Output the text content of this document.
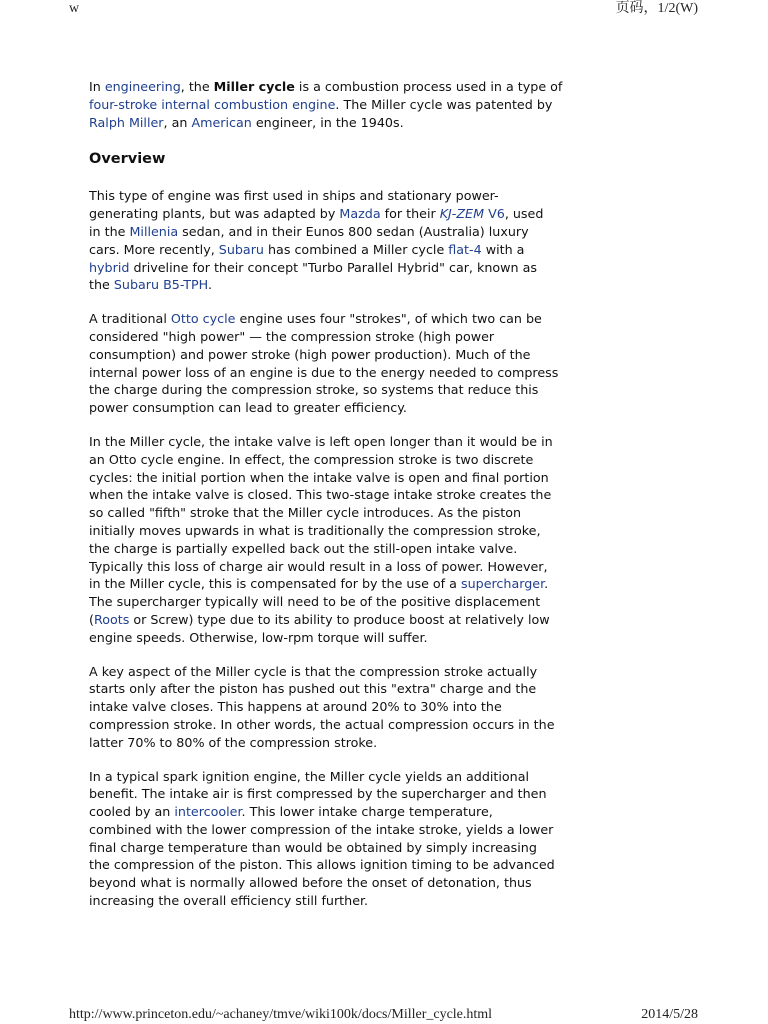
w	页码，1/2(W)

In engineering, the Miller cycle is a combustion process used in a type of
four-stroke internal combustion engine. The Miller cycle was patented by
Ralph Miller, an American engineer, in the 1940s.

Overview

This type of engine was first used in ships and stationary power-
generating plants, but was adapted by Mazda for their KJ-ZEM V6, used
in the Millenia sedan, and in their Eunos 800 sedan (Australia) luxury
cars. More recently, Subaru has combined a Miller cycle flat-4 with a
hybrid driveline for their concept "Turbo Parallel Hybrid" car, known as
the Subaru B5-TPH.

A traditional Otto cycle engine uses four "strokes", of which two can be
considered "high power" — the compression stroke (high power
consumption) and power stroke (high power production). Much of the
internal power loss of an engine is due to the energy needed to compress
the charge during the compression stroke, so systems that reduce this
power consumption can lead to greater efficiency.

In the Miller cycle, the intake valve is left open longer than it would be in
an Otto cycle engine. In effect, the compression stroke is two discrete
cycles: the initial portion when the intake valve is open and final portion
when the intake valve is closed. This two-stage intake stroke creates the
so called "fifth" stroke that the Miller cycle introduces. As the piston
initially moves upwards in what is traditionally the compression stroke,
the charge is partially expelled back out the still-open intake valve.
Typically this loss of charge air would result in a loss of power. However,
in the Miller cycle, this is compensated for by the use of a supercharger.
The supercharger typically will need to be of the positive displacement
(Roots or Screw) type due to its ability to produce boost at relatively low
engine speeds. Otherwise, low-rpm torque will suffer.

A key aspect of the Miller cycle is that the compression stroke actually
starts only after the piston has pushed out this "extra" charge and the
intake valve closes. This happens at around 20% to 30% into the
compression stroke. In other words, the actual compression occurs in the
latter 70% to 80% of the compression stroke.

In a typical spark ignition engine, the Miller cycle yields an additional
benefit. The intake air is first compressed by the supercharger and then
cooled by an intercooler. This lower intake charge temperature,
combined with the lower compression of the intake stroke, yields a lower
final charge temperature than would be obtained by simply increasing
the compression of the piston. This allows ignition timing to be advanced
beyond what is normally allowed before the onset of detonation, thus
increasing the overall efficiency still further.

http://www.princeton.edu/~achaney/tmve/wiki100k/docs/Miller_cycle.html	2014/5/28
